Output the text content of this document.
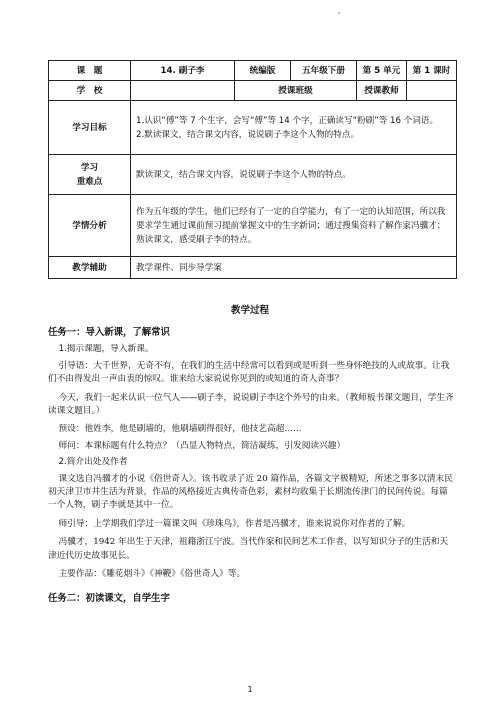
课　题	14. 刷子李	统编版	五年级下册	第 5 单元	第 1 课时
学　校		授课班级		授课教师	
学习目标	1.认识“傅”等 7 个生字，会写“傅”等 14 个字，正确读写“粉刷”等 16 个词语。
2.默读课文，结合课文内容，说说刷子李这个人物的特点。				

学习
重难点	默读课文，结合课文内容，说说刷子李这个人物的特点。				
学情分析	作为五年级的学生，他们已经有了一定的自学能力，有了一定的认知范围，所以我要求学生通过课前预习提前掌握文中的生字新词；通过搜集资料了解作家冯骥才；熟读课文，感受刷子李的特点。				
教学辅助	教学课件、同步导学案				
教学过程

任务一：导入新课，了解常识

1.揭示课题，导入新课。

引导语：大千世界，无奇不有，在我们的生活中经常可以看到或是听到一些身怀绝技的人或故事。让我们不由得发出一声由衷的惊叹。谁来给大家说说你见到的或知道的奇人奇事？

今天，我们一起来认识一位气人——刷子李，说说刷子李这个外号的由来。（教师板书课文题目，学生齐读课文题目。）

预设：他姓李，他是刷墙的，他刷墙刷得很好，他技艺高超……

师问：本课标题有什么特点？（凸显人物特点，简洁凝练，引发阅读兴趣）

2.简介出处及作者

课文选自冯骥才的小说《俗世奇人》。该书收录了近 20 篇作品，各篇文字极精短，所述之事多以清末民初天津卫市井生活为背景，作品的风格接近古典传奇色彩，素材均收集于长期流传津门的民间传说。每篇一个人物，刷子李就是其中一位。

师引导：上学期我们学过一篇课文叫《珍珠鸟》，作者是冯骥才，谁来说说你对作者的了解。

冯骥才，1942 年出生于天津，祖籍浙江宁波。当代作家和民间艺术工作者，以写知识分子的生活和天津近代历史故事见长。

主要作品：《雕花烟斗》《神鞭》《俗世奇人》等。

任务二：初读课文，自学生字

1
